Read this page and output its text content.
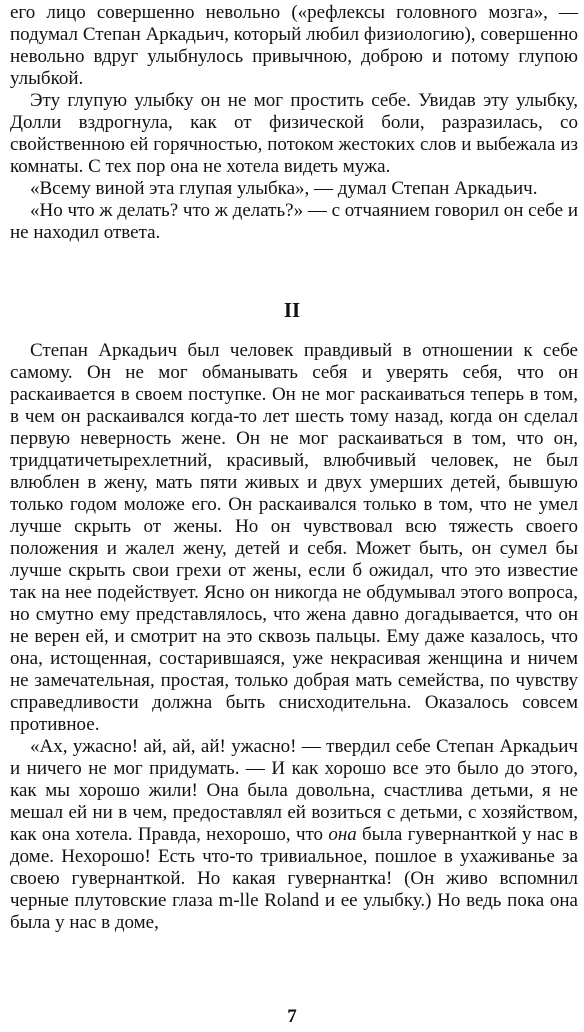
его лицо совершенно невольно («рефлексы головного мозга», — подумал Степан Аркадьич, который любил физиологию), совершенно невольно вдруг улыбнулось привычною, доброю и потому глупою улыбкой.

Эту глупую улыбку он не мог простить себе. Увидав эту улыбку, Долли вздрогнула, как от физической боли, разразилась, со свойственною ей горячностью, потоком жестоких слов и выбежала из комнаты. С тех пор она не хотела видеть мужа.

«Всему виной эта глупая улыбка», — думал Степан Аркадьич.

«Но что ж делать? что ж делать?» — с отчаянием говорил он себе и не находил ответа.

II

Степан Аркадьич был человек правдивый в отношении к себе самому. Он не мог обманывать себя и уверять себя, что он раскаивается в своем поступке. Он не мог раскаиваться теперь в том, в чем он раскаивался когда-то лет шесть тому назад, когда он сделал первую неверность жене. Он не мог раскаиваться в том, что он, тридцатичетырехлетний, красивый, влюбчивый человек, не был влюблен в жену, мать пяти живых и двух умерших детей, бывшую только годом моложе его. Он раскаивался только в том, что не умел лучше скрыть от жены. Но он чувствовал всю тяжесть своего положения и жалел жену, детей и себя. Может быть, он сумел бы лучше скрыть свои грехи от жены, если б ожидал, что это известие так на нее подействует. Ясно он никогда не обдумывал этого вопроса, но смутно ему представлялось, что жена давно догадывается, что он не верен ей, и смотрит на это сквозь пальцы. Ему даже казалось, что она, истощенная, состарившаяся, уже некрасивая женщина и ничем не замечательная, простая, только добрая мать семейства, по чувству справедливости должна быть снисходительна. Оказалось совсем противное.

«Ах, ужасно! ай, ай, ай! ужасно! — твердил себе Степан Аркадьич и ничего не мог придумать. — И как хорошо все это было до этого, как мы хорошо жили! Она была довольна, счастлива детьми, я не мешал ей ни в чем, предоставлял ей возиться с детьми, с хозяйством, как она хотела. Правда, нехорошо, что она была гувернанткой у нас в доме. Нехорошо! Есть что-то тривиальное, пошлое в ухаживанье за своею гувернанткой. Но какая гувернантка! (Он живо вспомнил черные плутовские глаза m-lle Roland и ее улыбку.) Но ведь пока она была у нас в доме,

7
